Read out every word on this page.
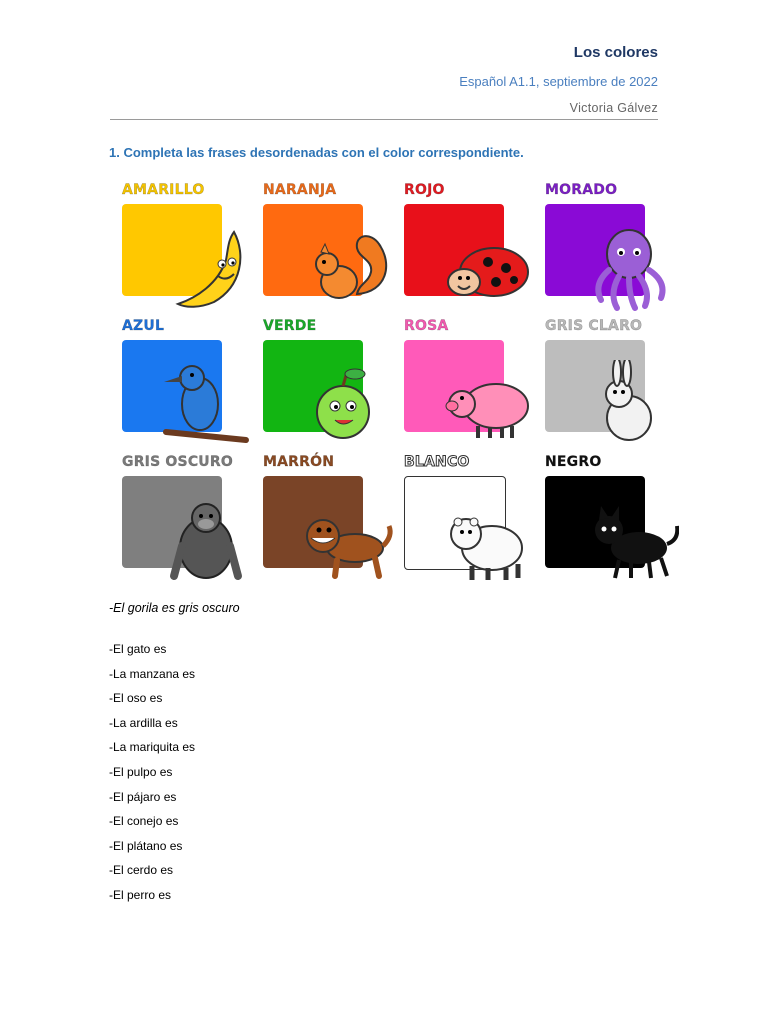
Los colores
Español A1.1, septiembre de 2022
Victoria Gálvez
1. Completa las frases desordenadas con el color correspondiente.
AMARILLO	NARANJA	ROJO	MORADO
AZUL	VERDE	ROSA	GRIS CLARO
GRIS OSCURO MARRÓN	BLANCO	NEGRO
-El gorila es gris oscuro
-El gato es
-La manzana es
-El oso es
-La ardilla es
-La mariquita es
-El pulpo es
-El pájaro es
-El conejo es
-El plátano es
-El cerdo es
-El perro es
